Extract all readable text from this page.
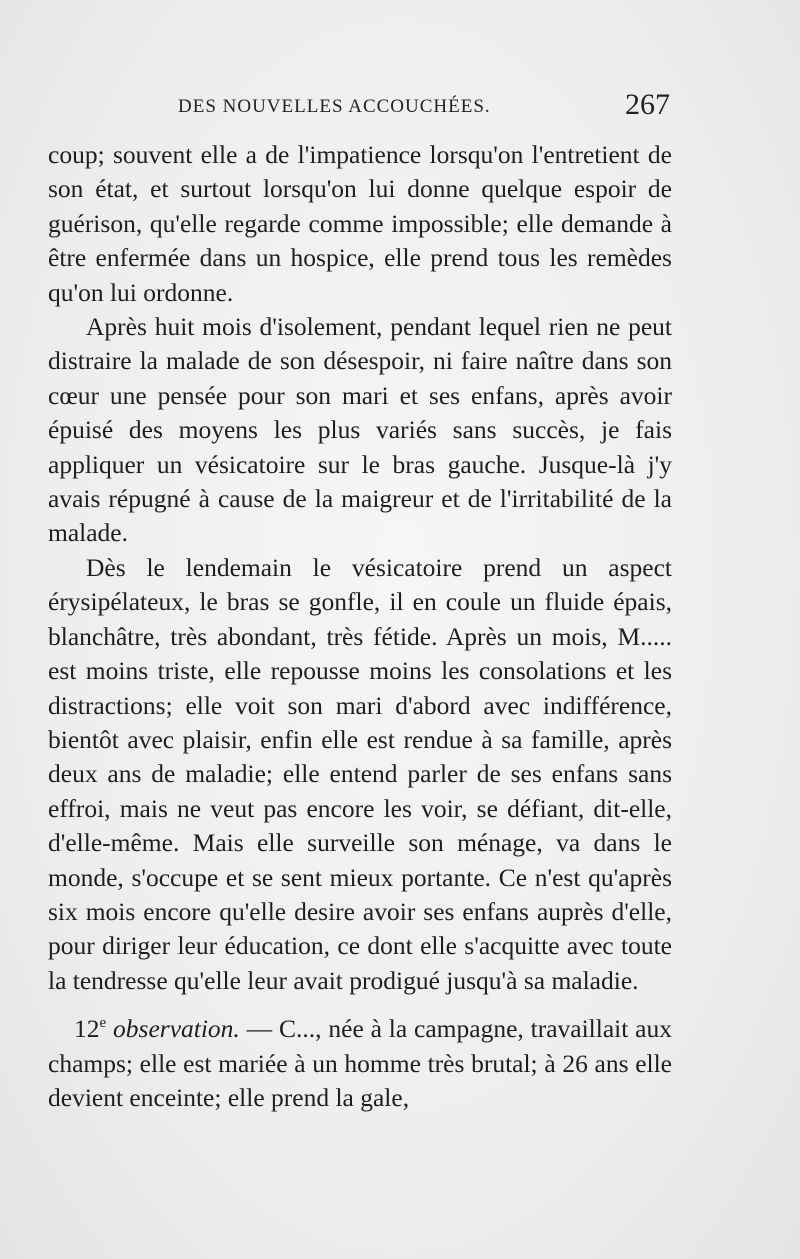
DES NOUVELLES ACCOUCHÉES.	267

coup; souvent elle a de l'impatience lorsqu'on l'entretient de son état, et surtout lorsqu'on lui donne quelque espoir de guérison, qu'elle regarde comme impossible; elle demande à être enfermée dans un hospice, elle prend tous les remèdes qu'on lui ordonne.

Après huit mois d'isolement, pendant lequel rien ne peut distraire la malade de son désespoir, ni faire naître dans son cœur une pensée pour son mari et ses enfans, après avoir épuisé des moyens les plus variés sans succès, je fais appliquer un vésicatoire sur le bras gauche. Jusque-là j'y avais répugné à cause de la maigreur et de l'irritabilité de la malade.

Dès le lendemain le vésicatoire prend un aspect érysipélateux, le bras se gonfle, il en coule un fluide épais, blanchâtre, très abondant, très fétide. Après un mois, M..... est moins triste, elle repousse moins les consolations et les distractions; elle voit son mari d'abord avec indifférence, bientôt avec plaisir, enfin elle est rendue à sa famille, après deux ans de maladie; elle entend parler de ses enfans sans effroi, mais ne veut pas encore les voir, se défiant, dit-elle, d'elle-même. Mais elle surveille son ménage, va dans le monde, s'occupe et se sent mieux portante. Ce n'est qu'après six mois encore qu'elle desire avoir ses enfans auprès d'elle, pour diriger leur éducation, ce dont elle s'acquitte avec toute la tendresse qu'elle leur avait prodigué jusqu'à sa maladie.

12e observation. — C..., née à la campagne, travaillait aux champs; elle est mariée à un homme très brutal; à 26 ans elle devient enceinte; elle prend la gale,
